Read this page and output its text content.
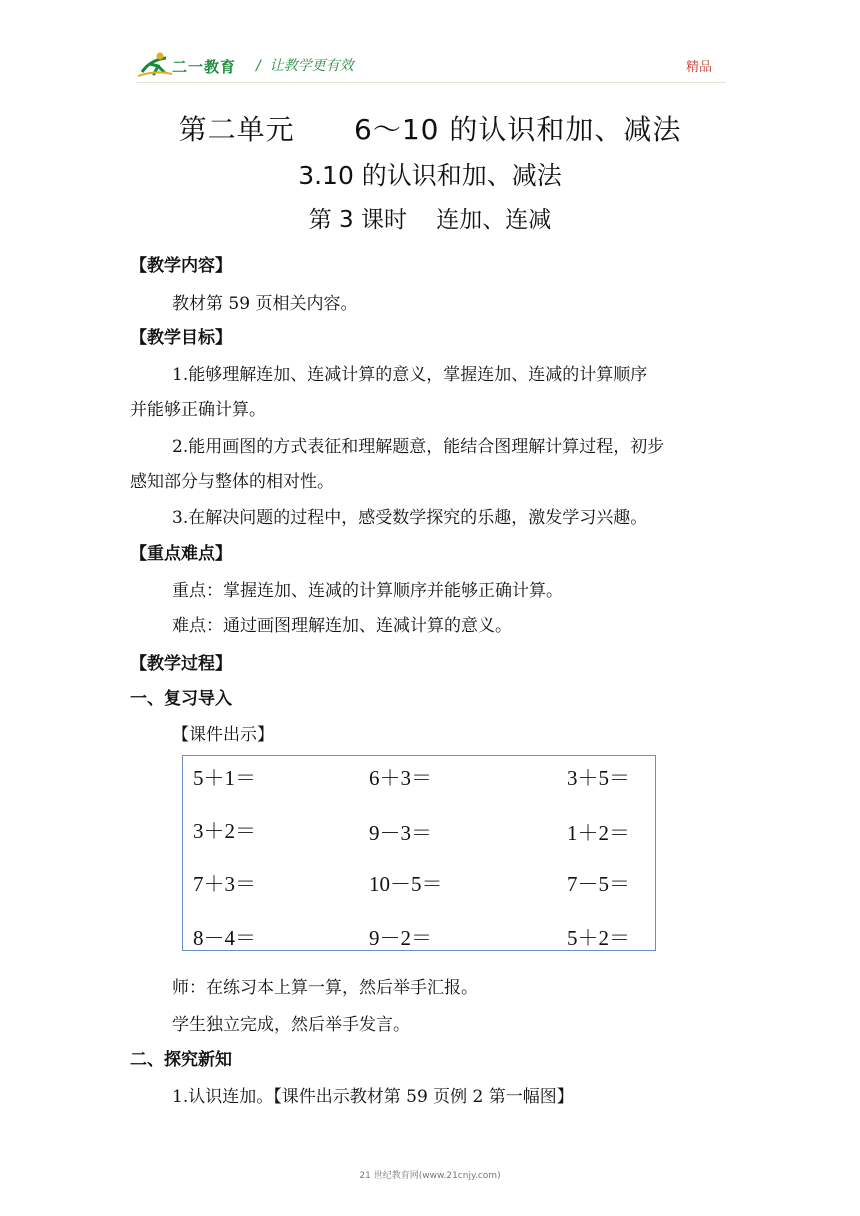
二一教育 / 让教学更有效	精品
第二单元      6～10 的认识和加、减法
3.10 的认识和加、减法
第 3 课时    连加、连减
【教学内容】
教材第 59 页相关内容。
【教学目标】
1.能够理解连加、连减计算的意义，掌握连加、连减的计算顺序
并能够正确计算。
2.能用画图的方式表征和理解题意，能结合图理解计算过程，初步
感知部分与整体的相对性。
3.在解决问题的过程中，感受数学探究的乐趣，激发学习兴趣。
【重点难点】
重点：掌握连加、连减的计算顺序并能够正确计算。
难点：通过画图理解连加、连减计算的意义。
【教学过程】
一、复习导入
【课件出示】
5＋1＝	6＋3＝	3＋5＝
3＋2＝	9－3＝	1＋2＝
7＋3＝	10－5＝	7－5＝
8－4＝	9－2＝	5＋2＝
师：在练习本上算一算，然后举手汇报。
学生独立完成，然后举手发言。
二、探究新知
1.认识连加。【课件出示教材第 59 页例 2 第一幅图】
21 世纪教育网(www.21cnjy.com)
